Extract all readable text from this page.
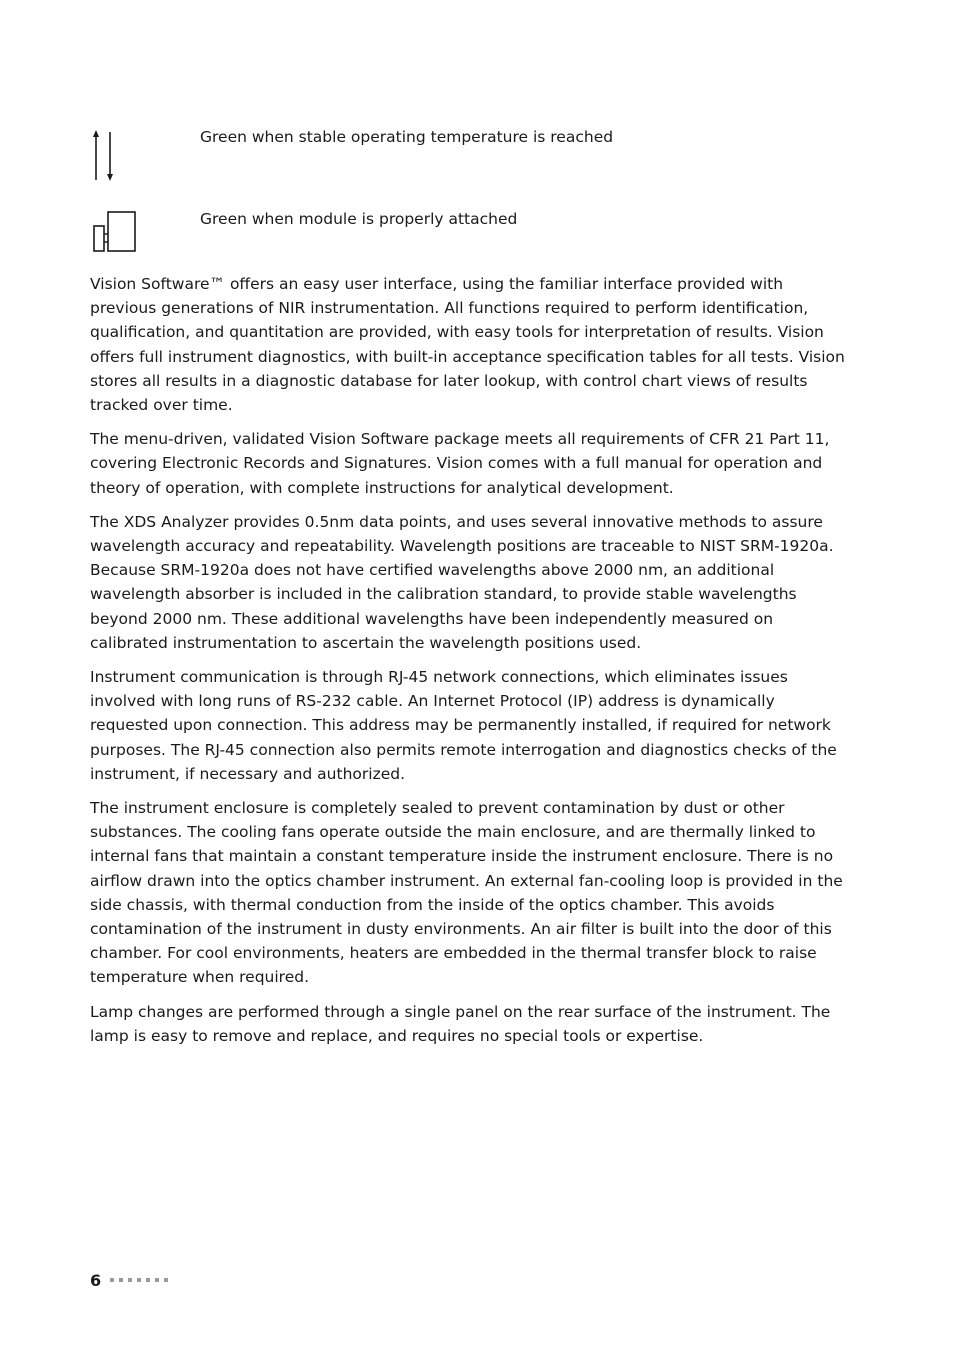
Green when stable operating temperature is reached
Green when module is properly attached

Vision Software™ offers an easy user interface, using the familiar interface provided with previous generations of NIR instrumentation. All functions required to perform identification, qualification, and quantitation are provided, with easy tools for interpretation of results. Vision offers full instrument diagnostics, with built-in acceptance specification tables for all tests. Vision stores all results in a diagnostic database for later lookup, with control chart views of results tracked over time.

The menu-driven, validated Vision Software package meets all requirements of CFR 21 Part 11, covering Electronic Records and Signatures. Vision comes with a full manual for operation and theory of operation, with complete instructions for analytical development.

The XDS Analyzer provides 0.5nm data points, and uses several innovative methods to assure wavelength accuracy and repeatability. Wavelength positions are traceable to NIST SRM-1920a. Because SRM-1920a does not have certified wavelengths above 2000 nm, an additional wavelength absorber is included in the calibration standard, to provide stable wavelengths beyond 2000 nm. These additional wavelengths have been independently measured on calibrated instrumentation to ascertain the wavelength positions used.

Instrument communication is through RJ-45 network connections, which eliminates issues involved with long runs of RS-232 cable. An Internet Protocol (IP) address is dynamically requested upon connection. This address may be permanently installed, if required for network purposes. The RJ-45 connection also permits remote interrogation and diagnostics checks of the instrument, if necessary and authorized.

The instrument enclosure is completely sealed to prevent contamination by dust or other substances. The cooling fans operate outside the main enclosure, and are thermally linked to internal fans that maintain a constant temperature inside the instrument enclosure. There is no airflow drawn into the optics chamber instrument. An external fan-cooling loop is provided in the side chassis, with thermal conduction from the inside of the optics chamber. This avoids contamination of the instrument in dusty environments. An air filter is built into the door of this chamber. For cool environments, heaters are embedded in the thermal transfer block to raise temperature when required.

Lamp changes are performed through a single panel on the rear surface of the instrument. The lamp is easy to remove and replace, and requires no special tools or expertise.

6
